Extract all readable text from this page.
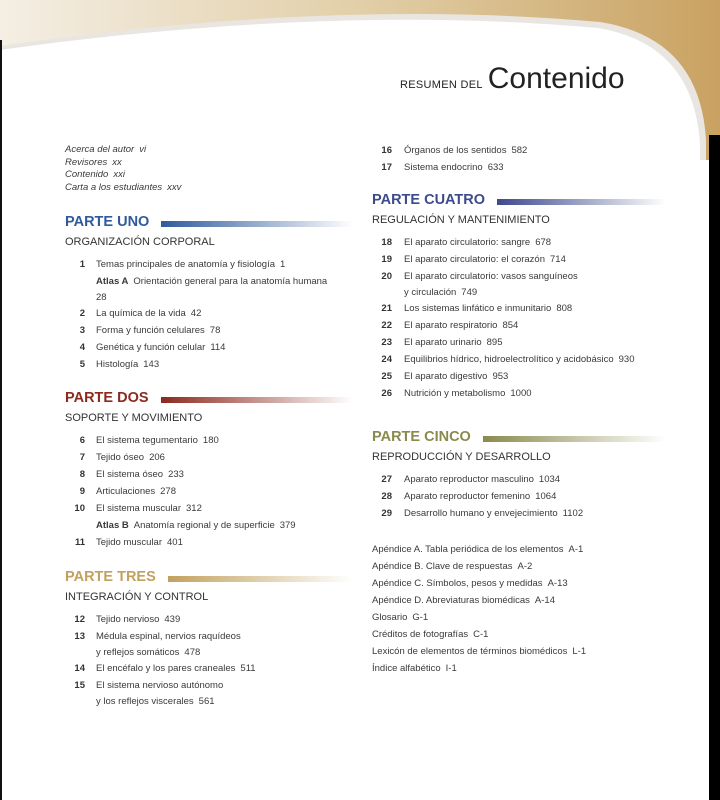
RESUMEN DEL Contenido
Acerca del autor vi
Revisores xx
Contenido xxi
Carta a los estudiantes xxv
16 Órganos de los sentidos 582
17 Sistema endocrino 633
PARTE UNO
ORGANIZACIÓN CORPORAL
1 Temas principales de anatomía y fisiología 1
Atlas A Orientación general para la anatomía humana
28
2 La química de la vida 42
3 Forma y función celulares 78
4 Genética y función celular 114
5 Histología 143
PARTE DOS
SOPORTE Y MOVIMIENTO
6 El sistema tegumentario 180
7 Tejido óseo 206
8 El sistema óseo 233
9 Articulaciones 278
10 El sistema muscular 312
Atlas B Anatomía regional y de superficie 379
11 Tejido muscular 401
PARTE TRES
INTEGRACIÓN Y CONTROL
12 Tejido nervioso 439
13 Médula espinal, nervios raquídeos
y reflejos somáticos 478
14 El encéfalo y los pares craneales 511
15 El sistema nervioso autónomo
y los reflejos viscerales 561
PARTE CUATRO
REGULACIÓN Y MANTENIMIENTO
18 El aparato circulatorio: sangre 678
19 El aparato circulatorio: el corazón 714
20 El aparato circulatorio: vasos sanguíneos
y circulación 749
21 Los sistemas linfático e inmunitario 808
22 El aparato respiratorio 854
23 El aparato urinario 895
24 Equilibrios hídrico, hidroelectrolítico y acidobásico 930
25 El aparato digestivo 953
26 Nutrición y metabolismo 1000
PARTE CINCO
REPRODUCCIÓN Y DESARROLLO
27 Aparato reproductor masculino 1034
28 Aparato reproductor femenino 1064
29 Desarrollo humano y envejecimiento 1102
Apéndice A. Tabla periódica de los elementos A-1
Apéndice B. Clave de respuestas A-2
Apéndice C. Símbolos, pesos y medidas A-13
Apéndice D. Abreviaturas biomédicas A-14
Glosario G-1
Créditos de fotografías C-1
Lexicón de elementos de términos biomédicos L-1
Índice alfabético I-1
